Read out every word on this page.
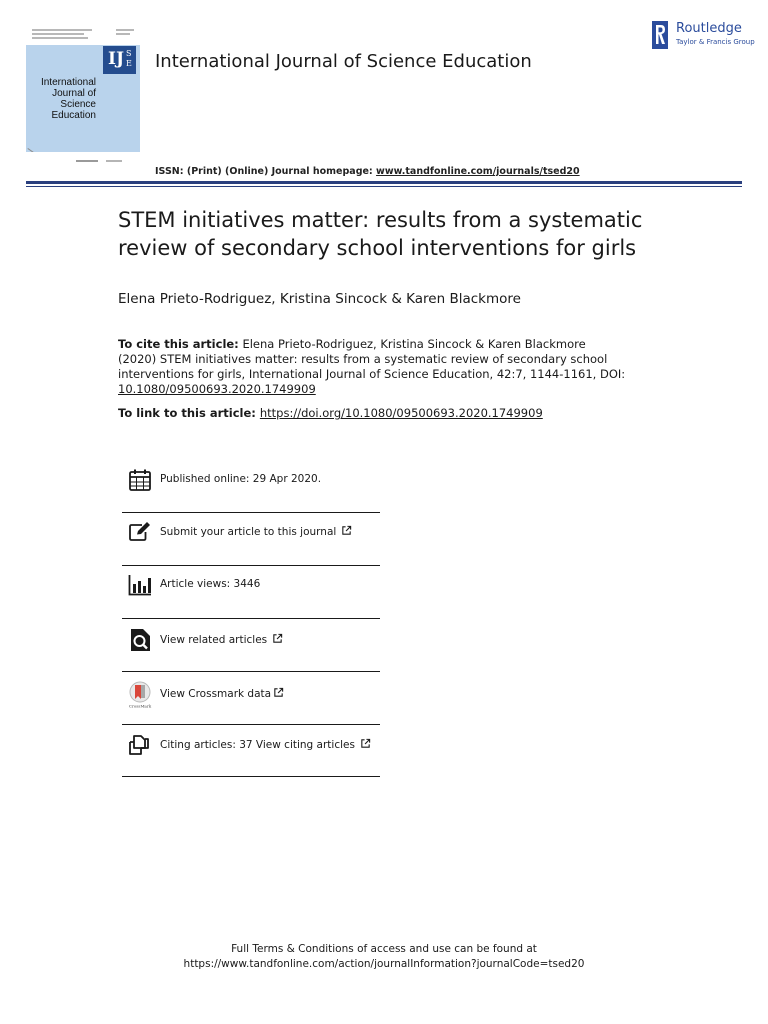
IJ S
E
International
Journal of
Science
Education
International Journal of Science Education
ISSN: (Print) (Online) Journal homepage: www.tandfonline.com/journals/tsed20
Routledge
Taylor & Francis Group
STEM initiatives matter: results from a systematic
review of secondary school interventions for girls
Elena Prieto-Rodriguez, Kristina Sincock & Karen Blackmore
To cite this article: Elena Prieto-Rodriguez, Kristina Sincock & Karen Blackmore
(2020) STEM initiatives matter: results from a systematic review of secondary school
interventions for girls, International Journal of Science Education, 42:7, 1144-1161, DOI:
10.1080/09500693.2020.1749909
To link to this article: https://doi.org/10.1080/09500693.2020.1749909
Published online: 29 Apr 2020.
Submit your article to this journal
Article views: 3446
View related articles
CrossMark
View Crossmark data
Citing articles: 37 View citing articles
Full Terms & Conditions of access and use can be found at
https://www.tandfonline.com/action/journalInformation?journalCode=tsed20
